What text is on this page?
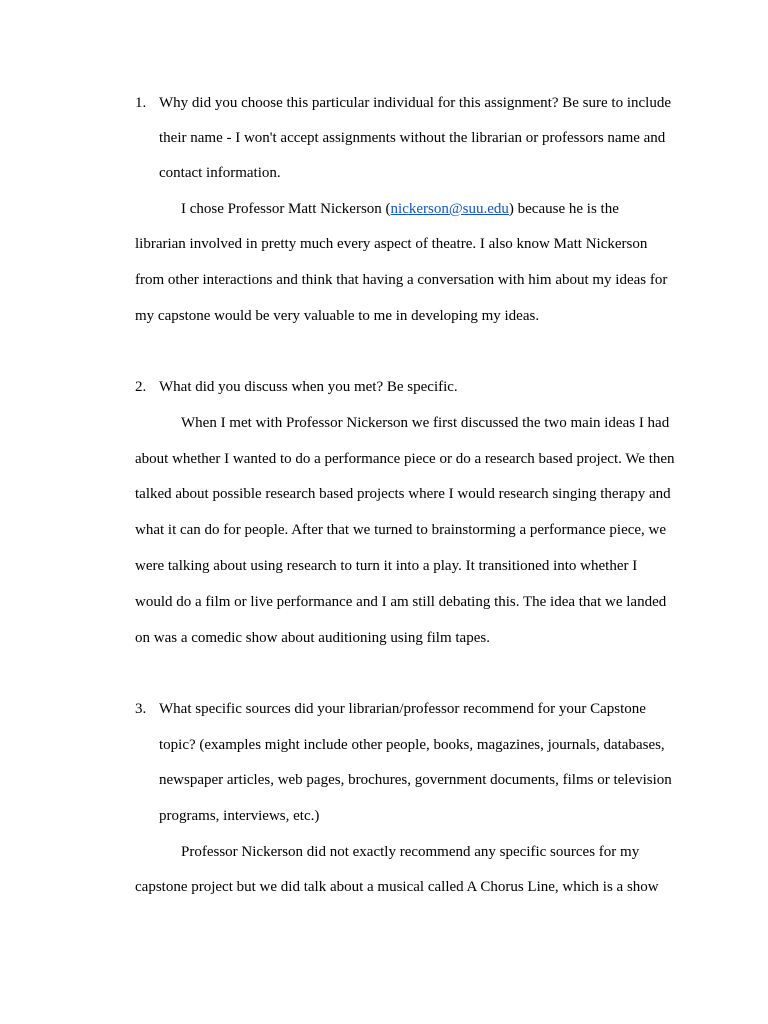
1. Why did you choose this particular individual for this assignment? Be sure to include
their name - I won't accept assignments without the librarian or professors name and
contact information.
I chose Professor Matt Nickerson (nickerson@suu.edu) because he is the
librarian involved in pretty much every aspect of theatre. I also know Matt Nickerson
from other interactions and think that having a conversation with him about my ideas for
my capstone would be very valuable to me in developing my ideas.
2. What did you discuss when you met? Be specific.
When I met with Professor Nickerson we first discussed the two main ideas I had
about whether I wanted to do a performance piece or do a research based project. We then
talked about possible research based projects where I would research singing therapy and
what it can do for people. After that we turned to brainstorming a performance piece, we
were talking about using research to turn it into a play. It transitioned into whether I
would do a film or live performance and I am still debating this. The idea that we landed
on was a comedic show about auditioning using film tapes.
3. What specific sources did your librarian/professor recommend for your Capstone
topic? (examples might include other people, books, magazines, journals, databases,
newspaper articles, web pages, brochures, government documents, films or television
programs, interviews, etc.)
Professor Nickerson did not exactly recommend any specific sources for my
capstone project but we did talk about a musical called A Chorus Line, which is a show
